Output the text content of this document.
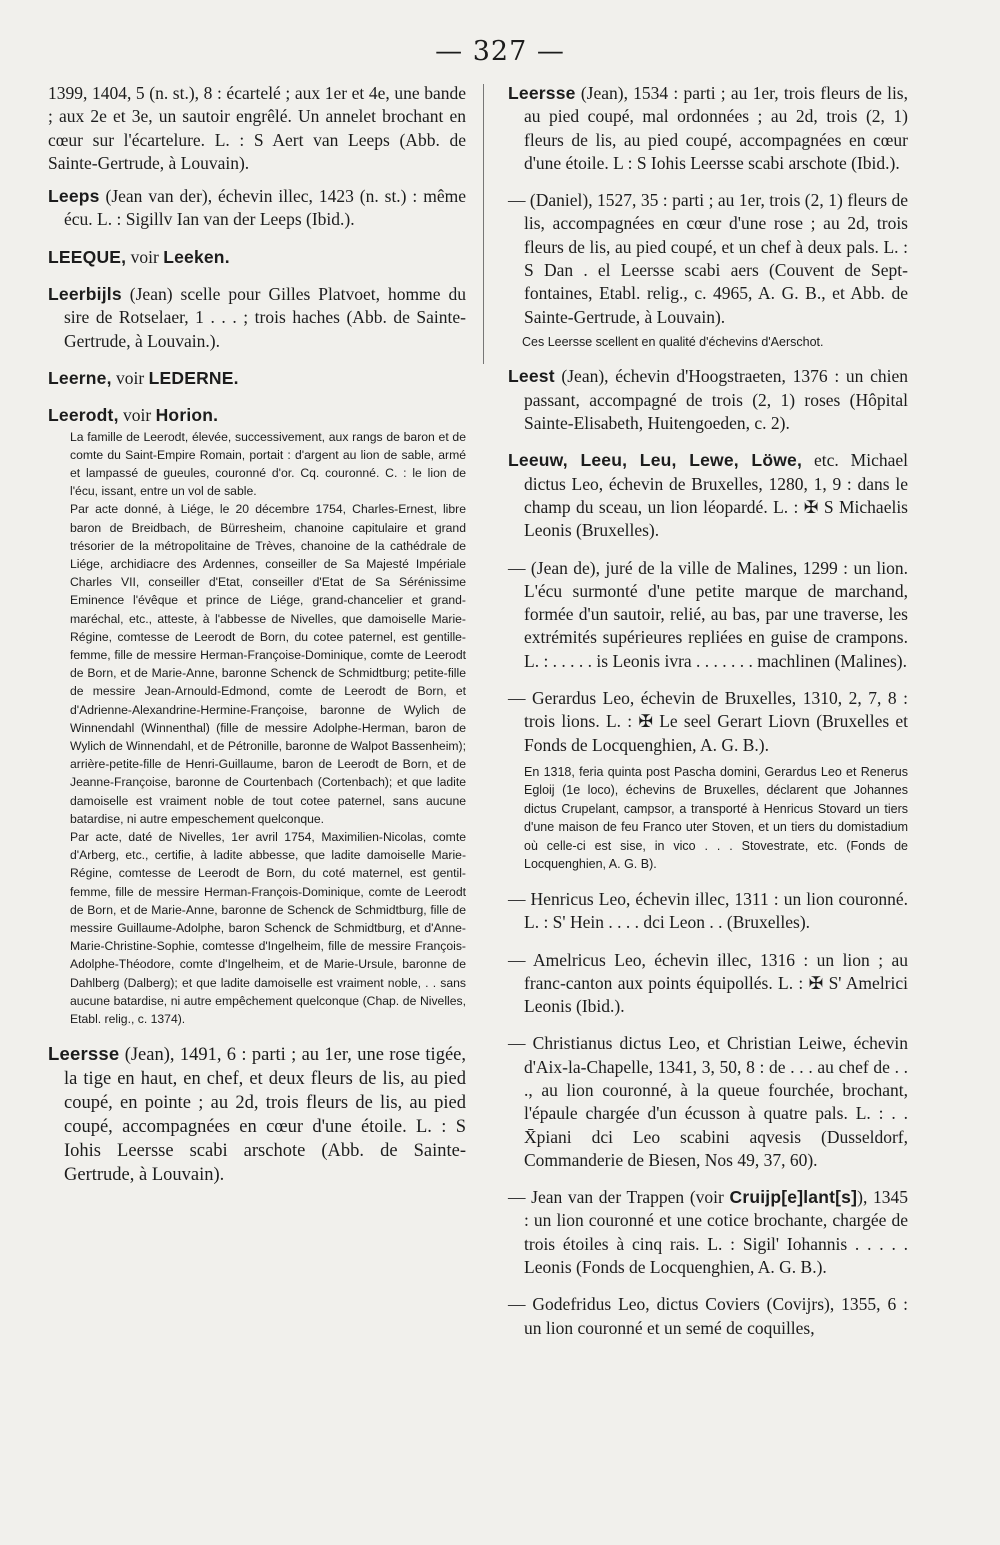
— 327 —

1399, 1404, 5 (n. st.), 8 : écartelé ; aux 1er et 4e, une bande ; aux 2e et 3e, un sautoir engrêlé. Un annelet brochant en cœur sur l'écartelure. L. : S Aert van Leeps (Abb. de Sainte-Gertrude, à Louvain).

Leeps (Jean van der), échevin illec, 1423 (n. st.) : même écu. L. : Sigillv Ian van der Leeps (Ibid.).

LEEQUE, voir Leeken.

Leerbijls (Jean) scelle pour Gilles Platvoet, homme du sire de Rotselaer, 1 . . . ; trois haches (Abb. de Sainte-Gertrude, à Louvain.).

Leerne, voir LEDERNE.

Leerodt, voir Horion.

La famille de Leerodt, élevée, successivement, aux rangs de baron et de comte du Saint-Empire Romain, portait : d'argent au lion de sable, armé et lampassé de gueules, couronné d'or. Cq. couronné. C. : le lion de l'écu, issant, entre un vol de sable.

Par acte donné, à Liége, le 20 décembre 1754, Charles-Ernest, libre baron de Breidbach, de Bürresheim, chanoine capitulaire et grand trésorier de la métropolitaine de Trèves, chanoine de la cathédrale de Liége, archidiacre des Ardennes, conseiller de Sa Majesté Impériale Charles VII, conseiller d'Etat, conseiller d'Etat de Sa Sérénissime Eminence l'évêque et prince de Liége, grand-chancelier et grand-maréchal, etc., atteste, à l'abbesse de Nivelles, que damoiselle Marie-Régine, comtesse de Leerodt de Born, du cotee paternel, est gentille-femme, fille de messire Herman-Françoise-Dominique, comte de Leerodt de Born, et de Marie-Anne, baronne Schenck de Schmidtburg; petite-fille de messire Jean-Arnould-Edmond, comte de Leerodt de Born, et d'Adrienne-Alexandrine-Hermine-Françoise, baronne de Wylich de Winnendahl (Winnenthal) (fille de messire Adolphe-Herman, baron de Wylich de Winnendahl, et de Pétronille, baronne de Walpot Bassenheim); arrière-petite-fille de Henri-Guillaume, baron de Leerodt de Born, et de Jeanne-Françoise, baronne de Courtenbach (Cortenbach); et que ladite damoiselle est vraiment noble de tout cotee paternel, sans aucune batardise, ni autre empeschement quelconque.

Par acte, daté de Nivelles, 1er avril 1754, Maximilien-Nicolas, comte d'Arberg, etc., certifie, à ladite abbesse, que ladite damoiselle Marie-Régine, comtesse de Leerodt de Born, du coté maternel, est gentil-femme, fille de messire Herman-François-Dominique, comte de Leerodt de Born, et de Marie-Anne, baronne de Schenck de Schmidtburg, fille de messire Guillaume-Adolphe, baron Schenck de Schmidtburg, et d'Anne-Marie-Christine-Sophie, comtesse d'Ingelheim, fille de messire François-Adolphe-Théodore, comte d'Ingelheim, et de Marie-Ursule, baronne de Dahlberg (Dalberg); et que ladite damoiselle est vraiment noble, . . sans aucune batardise, ni autre empêchement quelconque (Chap. de Nivelles, Etabl. relig., c. 1374).

Leersse (Jean), 1491, 6 : parti ; au 1er, une rose tigée, la tige en haut, en chef, et deux fleurs de lis, au pied coupé, en pointe ; au 2d, trois fleurs de lis, au pied coupé, accompagnées en cœur d'une étoile. L. : S Iohis Leersse scabi arschote (Abb. de Sainte-Gertrude, à Louvain).

Leersse (Jean), 1534 : parti ; au 1er, trois fleurs de lis, au pied coupé, mal ordonnées ; au 2d, trois (2, 1) fleurs de lis, au pied coupé, accompagnées en cœur d'une étoile. L : S Iohis Leersse scabi arschote (Ibid.).

— (Daniel), 1527, 35 : parti ; au 1er, trois (2, 1) fleurs de lis, accompagnées en cœur d'une rose ; au 2d, trois fleurs de lis, au pied coupé, et un chef à deux pals. L. : S Dan . el Leersse scabi aers (Couvent de Sept-fontaines, Etabl. relig., c. 4965, A. G. B., et Abb. de Sainte-Gertrude, à Louvain).

Ces Leersse scellent en qualité d'échevins d'Aerschot.

Leest (Jean), échevin d'Hoogstraeten, 1376 : un chien passant, accompagné de trois (2, 1) roses (Hôpital Sainte-Elisabeth, Huitengoeden, c. 2).

Leeuw, Leeu, Leu, Lewe, Löwe, etc. Michael dictus Leo, échevin de Bruxelles, 1280, 1, 9 : dans le champ du sceau, un lion léopardé. L. : ✠ S Michaelis Leonis (Bruxelles).

— (Jean de), juré de la ville de Malines, 1299 : un lion. L'écu surmonté d'une petite marque de marchand, formée d'un sautoir, relié, au bas, par une traverse, les extrémités supérieures repliées en guise de crampons. L. : . . . . . is Leonis ivra . . . . . . . machlinen (Malines).

— Gerardus Leo, échevin de Bruxelles, 1310, 2, 7, 8 : trois lions. L. : ✠ Le seel Gerart Liovn (Bruxelles et Fonds de Locquenghien, A. G. B.).

En 1318, feria quinta post Pascha domini, Gerardus Leo et Renerus Egloij (1e loco), échevins de Bruxelles, déclarent que Johannes dictus Crupelant, campsor, a transporté à Henricus Stovard un tiers d'une maison de feu Franco uter Stoven, et un tiers du domistadium où celle-ci est sise, in vico . . . Stovestrate, etc. (Fonds de Locquenghien, A. G. B).

— Henricus Leo, échevin illec, 1311 : un lion couronné. L. : S' Hein . . . . dci Leon . . (Bruxelles).

— Amelricus Leo, échevin illec, 1316 : un lion ; au franc-canton aux points équipollés. L. : ✠ S' Amelrici Leonis (Ibid.).

— Christianus dictus Leo, et Christian Leiwe, échevin d'Aix-la-Chapelle, 1341, 3, 50, 8 : de . . . au chef de . . ., au lion couronné, à la queue fourchée, brochant, l'épaule chargée d'un écusson à quatre pals. L. : . . X̄piani dci Leo scabini aqvesis (Dusseldorf, Commanderie de Biesen, Nos 49, 37, 60).

— Jean van der Trappen (voir Cruijp[e]lant[s]), 1345 : un lion couronné et une cotice brochante, chargée de trois étoiles à cinq rais. L. : Sigil' Iohannis . . . . . Leonis (Fonds de Locquenghien, A. G. B.).

— Godefridus Leo, dictus Coviers (Covijrs), 1355, 6 : un lion couronné et un semé de coquilles,
